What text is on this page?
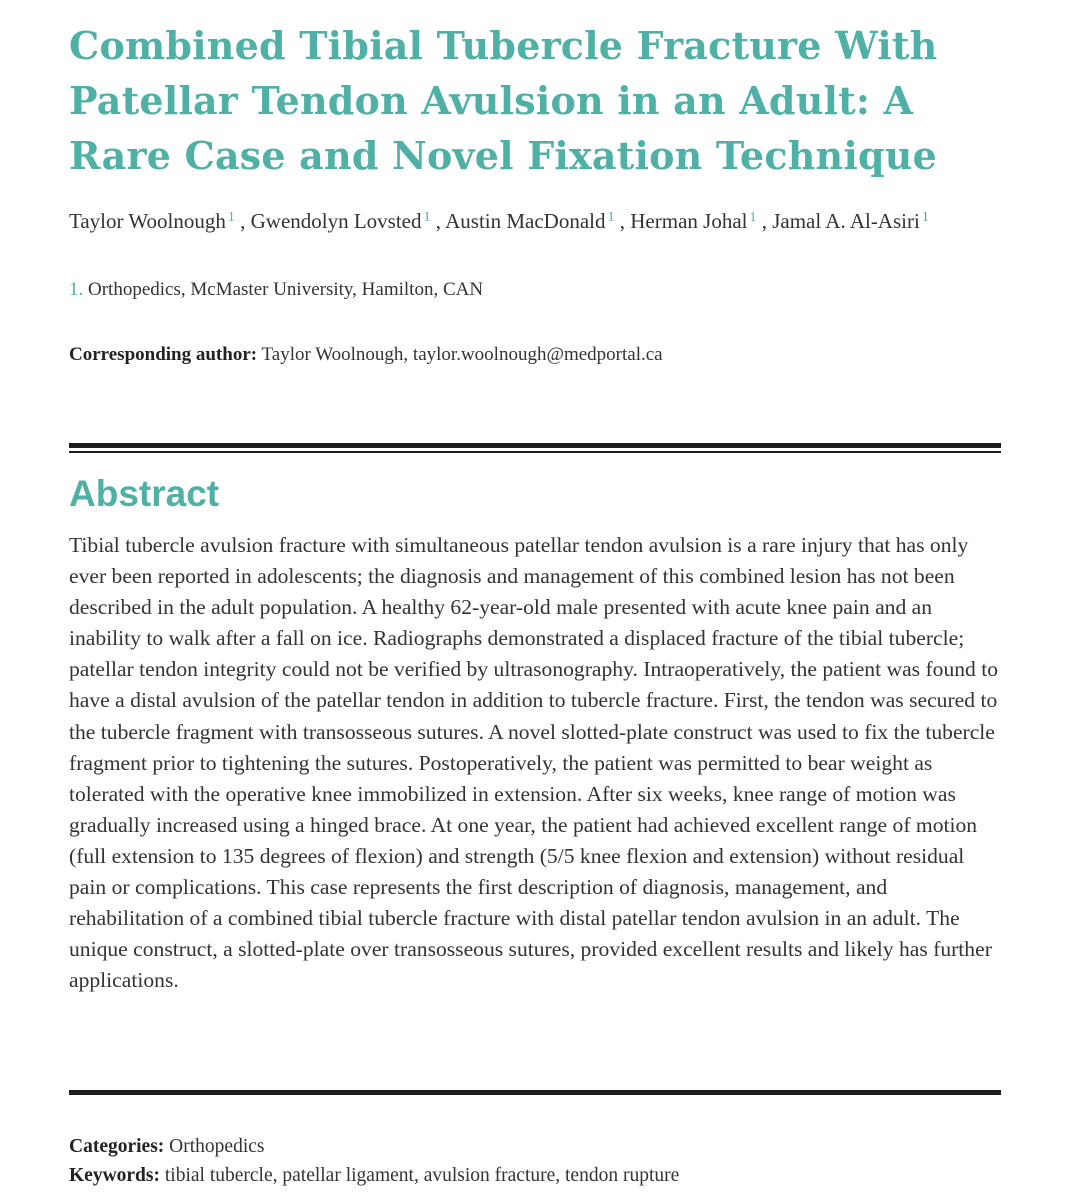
Combined Tibial Tubercle Fracture With Patellar Tendon Avulsion in an Adult: A Rare Case and Novel Fixation Technique
Taylor Woolnough $^1$ , Gwendolyn Lovsted $^1$ , Austin MacDonald $^1$ , Herman Johal $^1$ , Jamal A. Al-Asiri $^1$
1. Orthopedics, McMaster University, Hamilton, CAN
Corresponding author: Taylor Woolnough, taylor.woolnough@medportal.ca
Abstract

Tibial tubercle avulsion fracture with simultaneous patellar tendon avulsion is a rare injury that has only ever been reported in adolescents; the diagnosis and management of this combined lesion has not been described in the adult population. A healthy 62-year-old male presented with acute knee pain and an inability to walk after a fall on ice. Radiographs demonstrated a displaced fracture of the tibial tubercle; patellar tendon integrity could not be verified by ultrasonography. Intraoperatively, the patient was found to have a distal avulsion of the patellar tendon in addition to tubercle fracture. First, the tendon was secured to the tubercle fragment with transosseous sutures. A novel slotted-plate construct was used to fix the tubercle fragment prior to tightening the sutures. Postoperatively, the patient was permitted to bear weight as tolerated with the operative knee immobilized in extension. After six weeks, knee range of motion was gradually increased using a hinged brace. At one year, the patient had achieved excellent range of motion (full extension to 135 degrees of flexion) and strength (5/5 knee flexion and extension) without residual pain or complications. This case represents the first description of diagnosis, management, and rehabilitation of a combined tibial tubercle fracture with distal patellar tendon avulsion in an adult. The unique construct, a slotted-plate over transosseous sutures, provided excellent results and likely has further applications.

Categories: Orthopedics
Keywords: tibial tubercle, patellar ligament, avulsion fracture, tendon rupture
